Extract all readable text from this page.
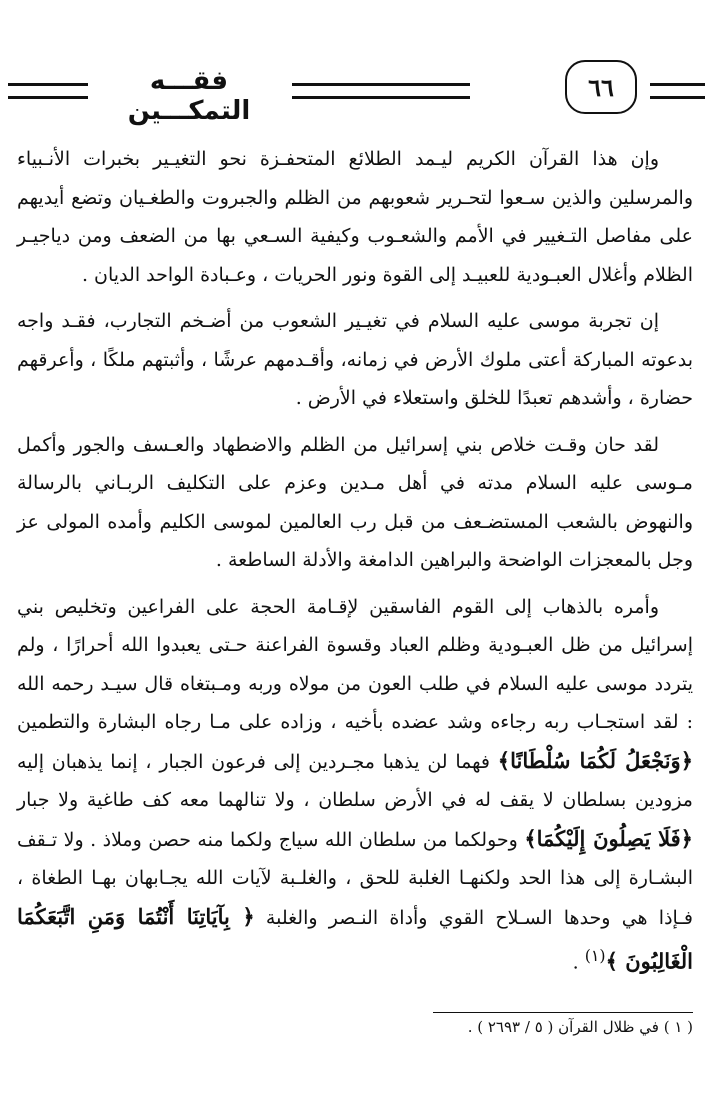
٦٦
فقـــه التمكـــين

وإن هذا القرآن الكريم ليـمد الطلائع المتحفـزة نحو التغيـير بخبرات الأنـبياء والمرسلين والذين سـعوا لتحـرير شعوبهم من الظلم والجبروت والطغـيان وتضع أيديهم على مفاصل التـغيير في الأمم والشعـوب وكيفية السـعي بها من الضعف ومن دياجيـر الظلام وأغلال العبـودية للعبيـد إلى القوة ونور الحريات ، وعـبادة الواحد الديان .

إن تجربة موسى عليه السلام في تغيـير الشعوب من أضـخم التجارب، فقـد واجه بدعوته المباركة أعتى ملوك الأرض في زمانه، وأقـدمهم عرشًا ، وأثبتهم ملكًا ، وأعرقهم حضارة ، وأشدهم تعبدًا للخلق واستعلاء في الأرض .

لقد حان وقـت خلاص بني إسرائيل من الظلم والاضطهاد والعـسف والجور وأكمل مـوسى عليه السلام مدته في أهل مـدين وعزم على التكليف الربـاني بالرسالة والنهوض بالشعب المستضـعف من قبل رب العالمين لموسى الكليم وأمده المولى عز وجل بالمعجزات الواضحة والبراهين الدامغة والأدلة الساطعة .

وأمره بالذهاب إلى القوم الفاسقين لإقـامة الحجة على الفراعين وتخليص بني إسرائيل من ظل العبـودية وظلم العباد وقسوة الفراعنة حـتى يعبدوا الله أحرارًا ، ولم يتردد موسى عليه السلام في طلب العون من مولاه وربه ومـبتغاه قال سيـد رحمه الله : لقد استجـاب ربه رجاءه وشد عضده بأخيه ، وزاده على مـا رجاه البشارة والتطمين ﴿وَنَجْعَلُ لَكُمَا سُلْطَانًا﴾ فهما لن يذهبا مجـردين إلى فرعون الجبار ، إنما يذهبان إليه مزودين بسلطان لا يقف له في الأرض سلطان ، ولا تنالهما معه كف طاغية ولا جبار ﴿فَلَا يَصِلُونَ إِلَيْكُمَا﴾ وحولكما من سلطان الله سياج ولكما منه حصن وملاذ . ولا تـقف البشـارة إلى هذا الحد ولكنهـا الغلبة للحق ، والغلـبة لآيات الله يجـابهان بهـا الطغاة ، فـإذا هي وحدها السـلاح القوي وأداة النـصر والغلبة ﴿ بِآيَاتِنَا أَنْتُمَا وَمَنِ اتَّبَعَكُمَا الْغَالِبُونَ ﴾$^{(١)}$ .

( ١ ) في ظلال القرآن ( ٥ / ٢٦٩٣ ) .
